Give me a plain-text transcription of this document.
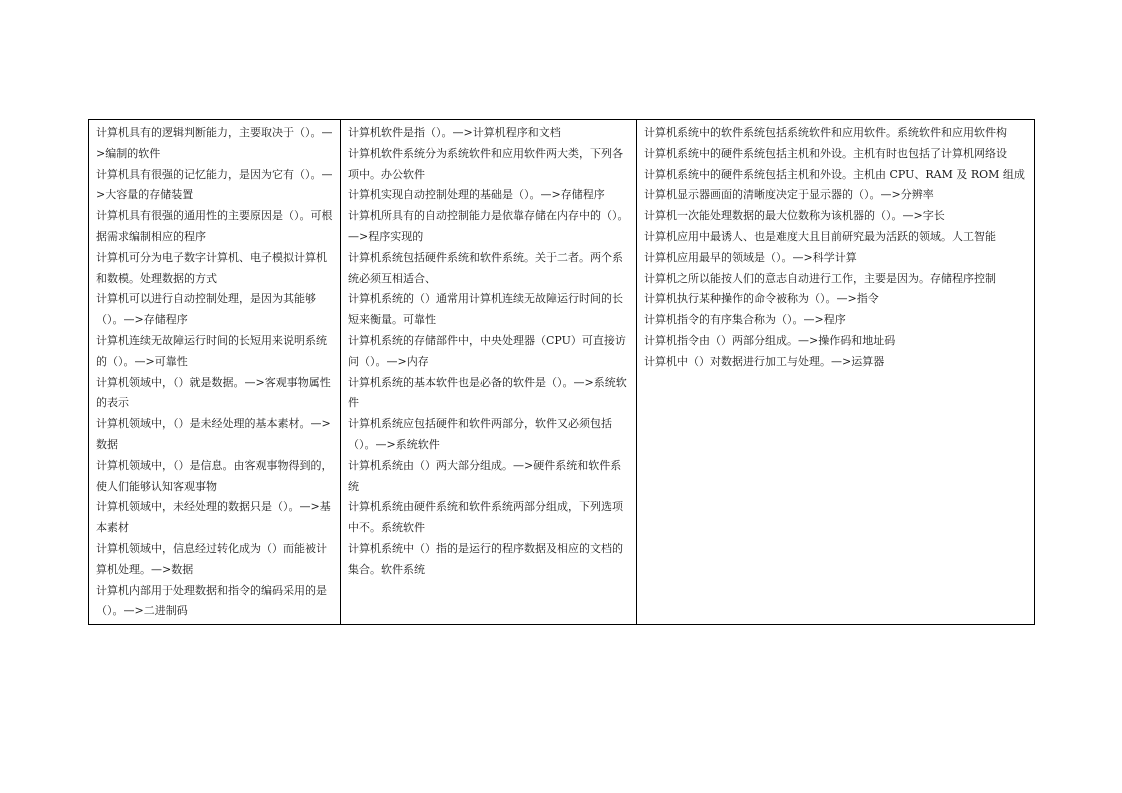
计算机具有的逻辑判断能力，主要取决于（）。—>编制的软件

计算机具有很强的记忆能力，是因为它有（）。—>大容量的存储装置

计算机具有很强的通用性的主要原因是（）。可根据需求编制相应的程序

计算机可分为电子数字计算机、电子模拟计算机和数模。处理数据的方式

计算机可以进行自动控制处理，是因为其能够（）。—>存储程序

计算机连续无故障运行时间的长短用来说明系统的（）。—>可靠性

计算机领域中，（）就是数据。—>客观事物属性的表示

计算机领域中，（）是未经处理的基本素材。—>数据

计算机领域中，（）是信息。由客观事物得到的，使人们能够认知客观事物

计算机领域中，未经处理的数据只是（）。—>基本素材

计算机领域中，信息经过转化成为（）而能被计算机处理。—>数据

计算机内部用于处理数据和指令的编码采用的是（）。—>二进制码

计算机软件是指（）。—>计算机程序和文档

计算机软件系统分为系统软件和应用软件两大类，下列各项中。办公软件

计算机实现自动控制处理的基础是（）。—>存储程序

计算机所具有的自动控制能力是依靠存储在内存中的（）。—>程序实现的

计算机系统包括硬件系统和软件系统。关于二者。两个系统必须互相适合、

计算机系统的（）通常用计算机连续无故障运行时间的长短来衡量。可靠性

计算机系统的存储部件中，中央处理器（CPU）可直接访问（）。—>内存

计算机系统的基本软件也是必备的软件是（）。—>系统软件

计算机系统应包括硬件和软件两部分，软件又必须包括（）。—>系统软件

计算机系统由（）两大部分组成。—>硬件系统和软件系统

计算机系统由硬件系统和软件系统两部分组成，下列选项中不。系统软件

计算机系统中（）指的是运行的程序数据及相应的文档的集合。软件系统

计算机系统中的软件系统包括系统软件和应用软件。系统软件和应用软件构

计算机系统中的硬件系统包括主机和外设。主机有时也包括了计算机网络设

计算机系统中的硬件系统包括主机和外设。主机由 CPU、RAM 及 ROM 组成

计算机显示器画面的清晰度决定于显示器的（）。—>分辨率

计算机一次能处理数据的最大位数称为该机器的（）。—>字长

计算机应用中最诱人、也是难度大且目前研究最为活跃的领域。人工智能

计算机应用最早的领域是（）。—>科学计算

计算机之所以能按人们的意志自动进行工作，主要是因为。存储程序控制

计算机执行某种操作的命令被称为（）。—>指令

计算机指令的有序集合称为（）。—>程序

计算机指令由（）两部分组成。—>操作码和地址码

计算机中（）对数据进行加工与处理。—>运算器
